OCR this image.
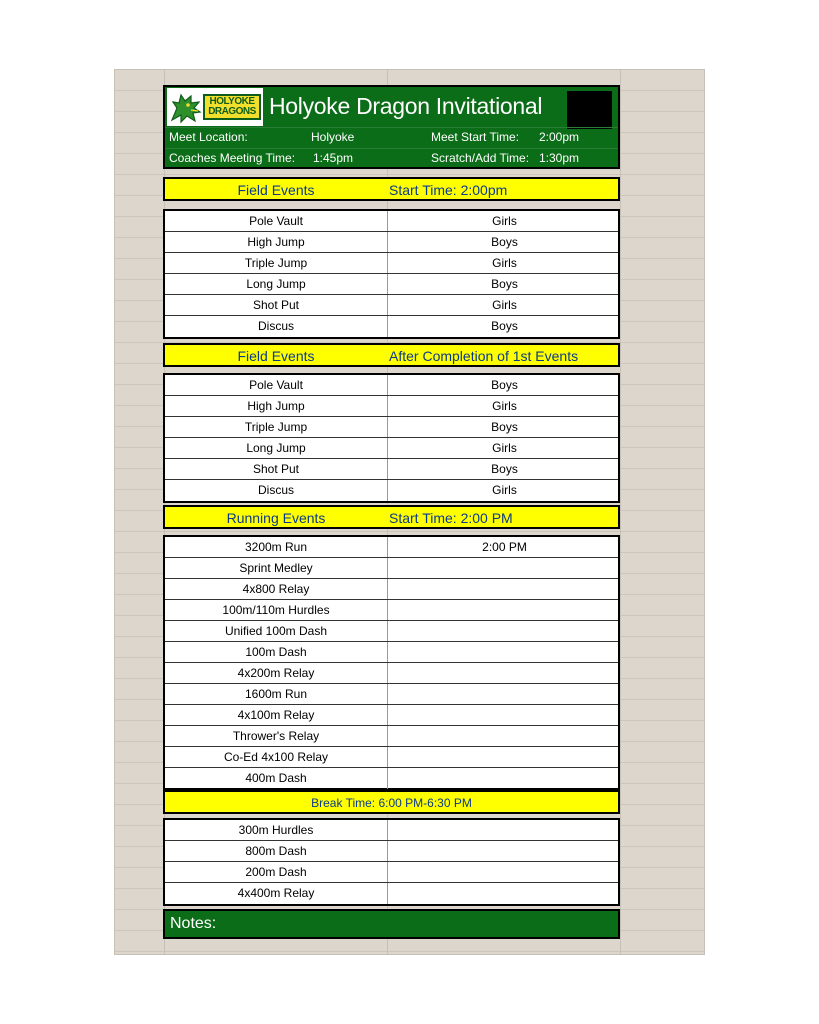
HOLYOKE
DRAGONS Holyoke Dragon Invitational
Meet Location:	Holyoke	Meet Start Time: 2:00pm
Coaches Meeting Time: 1:45pm	Scratch/Add Time: 1:30pm
Field Events	Start Time: 2:00pm
Pole Vault	Girls
High Jump	Boys
Triple Jump	Girls
Long Jump	Boys
Shot Put	Girls
Discus	Boys
Field Events	After Completion of 1st Events
Pole Vault	Boys
High Jump	Girls
Triple Jump	Boys
Long Jump	Girls
Shot Put	Boys
Discus	Girls
Running Events	Start Time: 2:00 PM
3200m Run	2:00 PM
Sprint Medley
4x800 Relay
100m/110m Hurdles
Unified 100m Dash
100m Dash
4x200m Relay
1600m Run
4x100m Relay
Thrower's Relay
Co-Ed 4x100 Relay
400m Dash
Break Time: 6:00 PM-6:30 PM
300m Hurdles
800m Dash
200m Dash
4x400m Relay
Notes:
